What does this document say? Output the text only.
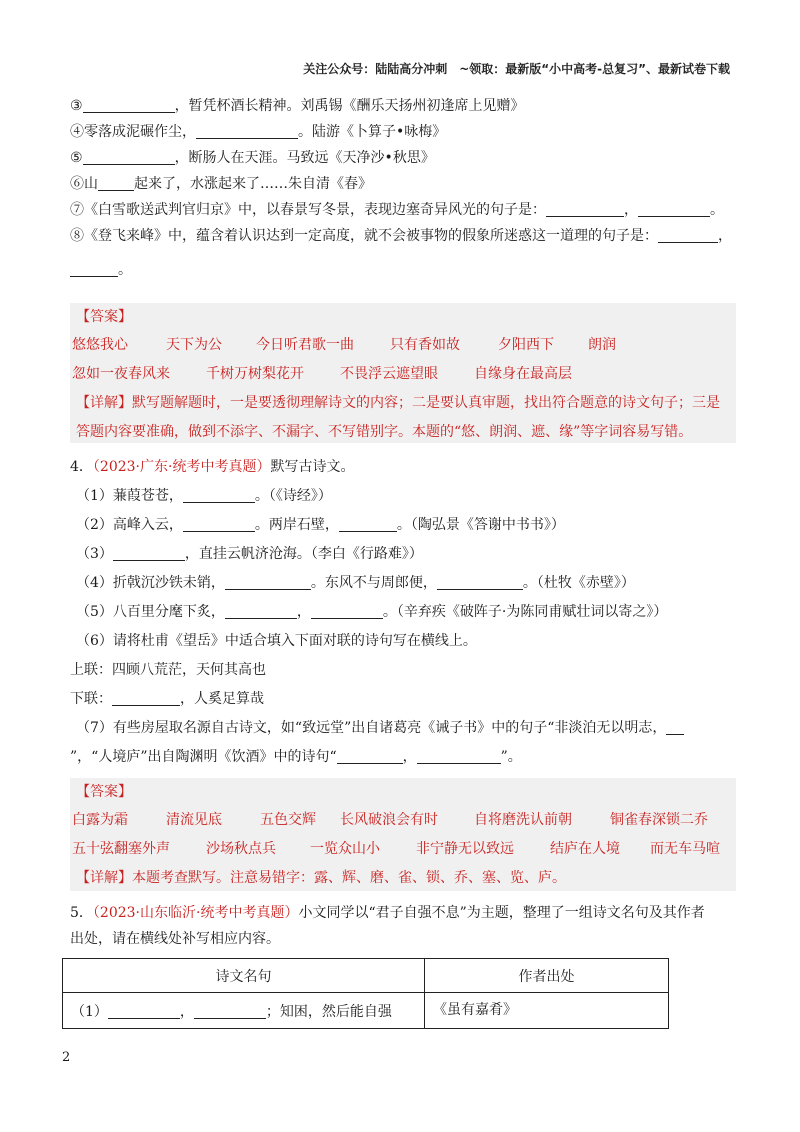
关注公众号：陆陆高分冲刺　~领取：最新版“小中高考-总复习”、最新试卷下载
③	，暂凭杯酒长精神。刘禹锡《酬乐天扬州初逢席上见赠》
④零落成泥碾作尘，	。陆游《卜算子•咏梅》
⑤	，断肠人在天涯。马致远《天净沙•秋思》
⑥山	起来了，水涨起来了……朱自清《春》
⑦《白雪歌送武判官归京》中，以春景写冬景，表现边塞奇异风光的句子是：	，	。
⑧《登飞来峰》中，蕴含着认识达到一定高度，就不会被事物的假象所迷惑这一道理的句子是：	，
。
【答案】
悠悠我心	天下为公 今日听君歌一曲	只有香如故	夕阳西下 朗润
忽如一夜春风来	千树万树梨花开	不畏浮云遮望眼	自缘身在最高层
【详解】默写题解题时，一是要透彻理解诗文的内容；二是要认真审题，找出符合题意的诗文句子；三是
答题内容要准确，做到不添字、不漏字、不写错别字。本题的“悠、朗润、遮、缘”等字词容易写错。
4．（2023·广东·统考中考真题）默写古诗文。
（1）蒹葭苍苍，	。（《诗经》）
（2）高峰入云，	。两岸石壁，	。（陶弘景《答谢中书书》）
（3）	，直挂云帆济沧海。（李白《行路难》）
（4）折戟沉沙铁未销，	。东风不与周郎便，	。（杜牧《赤壁》）
（5）八百里分麾下炙，	，	。（辛弃疾《破阵子·为陈同甫赋壮词以寄之》）
（6）请将杜甫《望岳》中适合填入下面对联的诗句写在横线上。
上联：四顾八荒茫，天何其高也
下联：	，人奚足算哉
（7）有些房屋取名源自古诗文，如“致远堂”出自诸葛亮《诫子书》中的句子“非淡泊无以明志，
”，“人境庐”出自陶渊明《饮酒》中的诗句“	，	”。
【答案】
白露为霜	清流见底	五色交辉 长风破浪会有时	自将磨洗认前朝	铜雀春深锁二乔
五十弦翻塞外声	沙场秋点兵 一览众山小	非宁静无以致远	结庐在人境 而无车马喧
【详解】本题考查默写。注意易错字：露、辉、磨、雀、锁、乔、塞、览、庐。
5．（2023·山东临沂·统考中考真题）小文同学以“君子自强不息”为主题，整理了一组诗文名句及其作者
出处，请在横线处补写相应内容。
诗文名句	作者出处
（1） ， ；知困，然后能自强	《虽有嘉肴》
2
